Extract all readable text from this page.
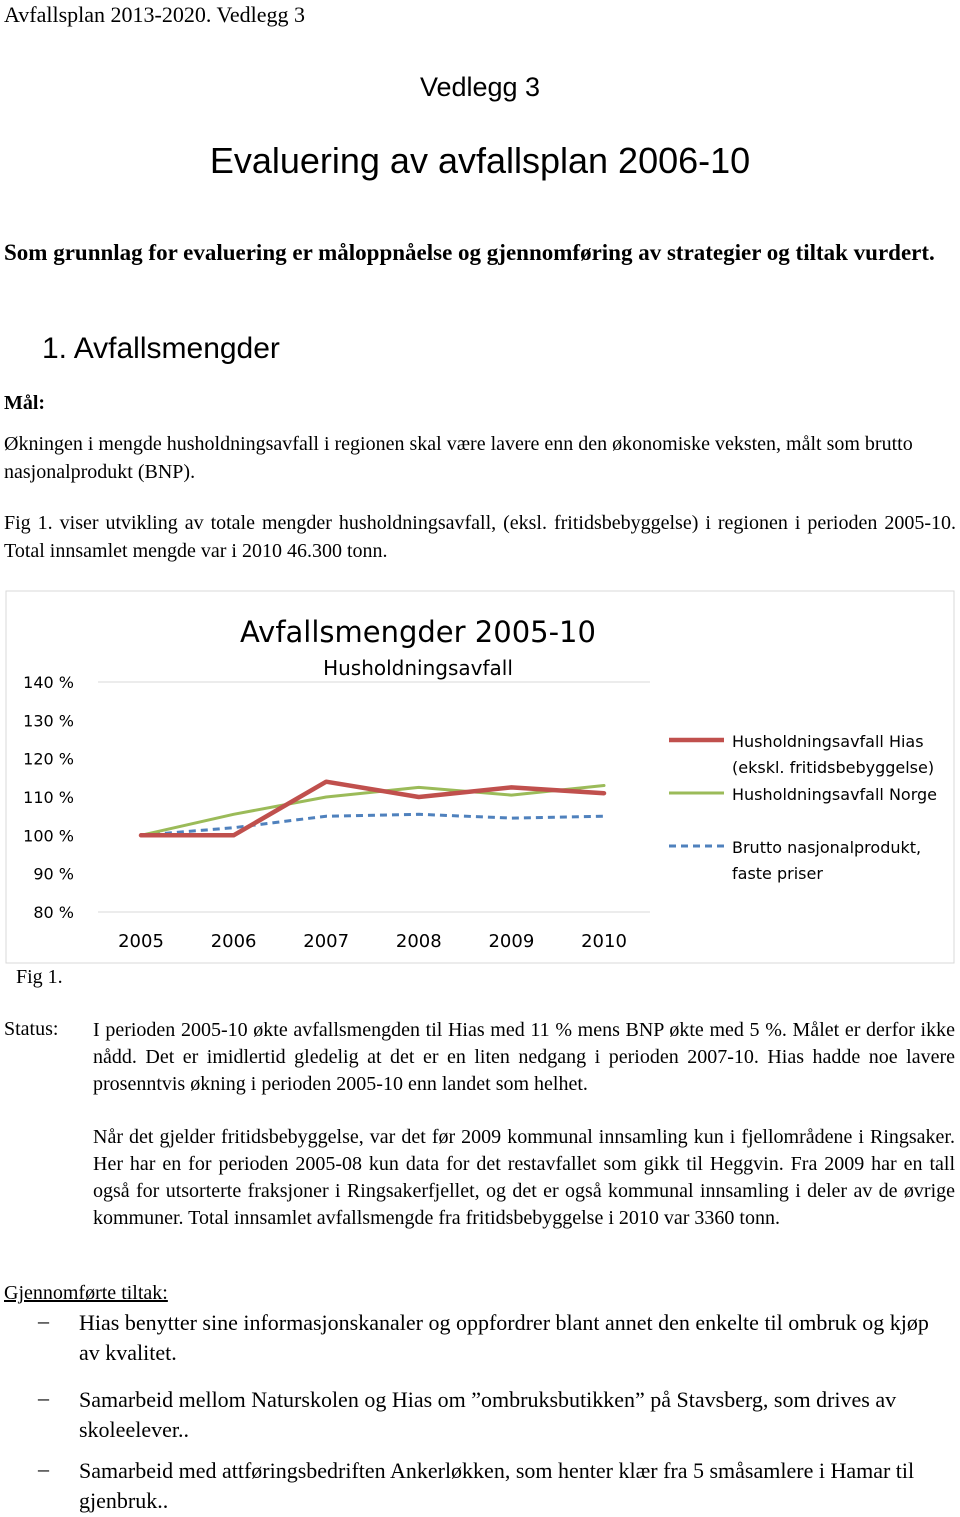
Avfallsplan 2013-2020. Vedlegg 3
Vedlegg 3
Evaluering av avfallsplan 2006-10

Som grunnlag for evaluering er måloppnåelse og gjennomføring av strategier og tiltak vurdert.

1. Avfallsmengder
Mål:

Økningen i mengde husholdningsavfall i regionen skal være lavere enn den økonomiske veksten, målt som brutto nasjonalprodukt (BNP).

Fig 1. viser utvikling av totale mengder husholdningsavfall, (eksl. fritidsbebyggelse) i regionen i perioden 2005-10. Total innsamlet mengde var i 2010 46.300 tonn.

Avfallsmengder 2005-10
Husholdningsavfall
140 %
130 %
120 %
110 %
100 %
90 %
80 %
2005	2006	2007	2008	2009	2010
Husholdningsavfall Hias
(ekskl. fritidsbebyggelse)
Husholdningsavfall Norge
Brutto nasjonalprodukt,
faste priser
Fig 1.
Status: I perioden 2005-10 økte avfallsmengden til Hias med 11 % mens BNP økte med 5 %. Målet er derfor ikke nådd. Det er imidlertid gledelig at det er en liten nedgang i perioden 2007-10. Hias hadde noe lavere prosenntvis økning i perioden 2005-10 enn landet som helhet.

Når det gjelder fritidsbebyggelse, var det før 2009 kommunal innsamling kun i fjellområdene i Ringsaker. Her har en for perioden 2005-08 kun data for det restavfallet som gikk til Heggvin. Fra 2009 har en tall også for utsorterte fraksjoner i Ringsakerfjellet, og det er også kommunal innsamling i deler av de øvrige kommuner. Total innsamlet avfallsmengde fra fritidsbebyggelse i 2010 var 3360 tonn.

Gjennomførte tiltak:
– Hias benytter sine informasjonskanaler og oppfordrer blant annet den enkelte til ombruk og kjøp av kvalitet.

– Samarbeid mellom Naturskolen og Hias om ”ombruksbutikken” på Stavsberg, som drives av skoleelever..

– Samarbeid med attføringsbedriften Ankerløkken, som henter klær fra 5 småsamlere i Hamar til gjenbruk..
